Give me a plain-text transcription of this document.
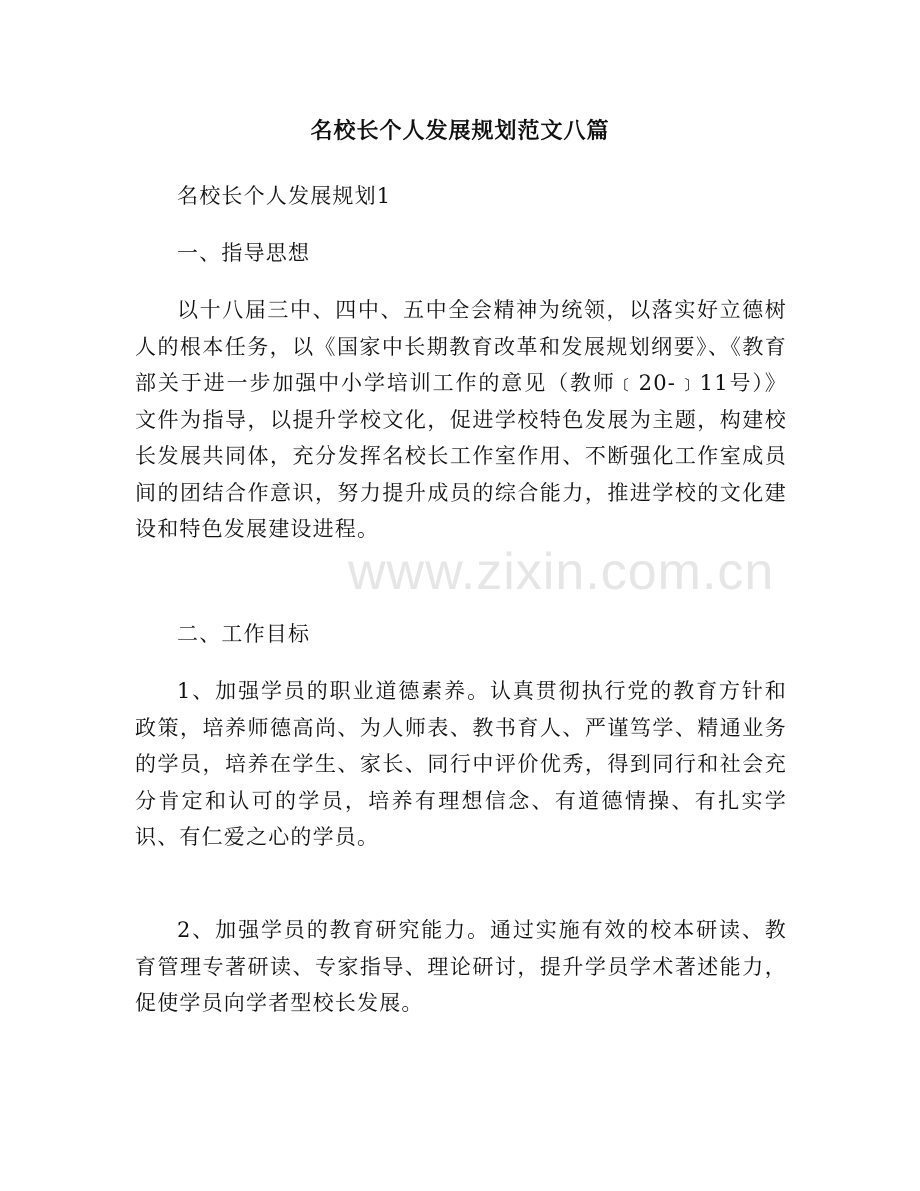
名校长个人发展规划范文八篇

名校长个人发展规划1

一、指导思想

以十八届三中、四中、五中全会精神为统领，以落实好立德树人的根本任务，以《国家中长期教育改革和发展规划纲要》、《教育部关于进一步加强中小学培训工作的意见（教师﹝20-﹞11号）》文件为指导，以提升学校文化，促进学校特色发展为主题，构建校长发展共同体，充分发挥名校长工作室作用、不断强化工作室成员间的团结合作意识，努力提升成员的综合能力，推进学校的文化建设和特色发展建设进程。

二、工作目标

1、加强学员的职业道德素养。认真贯彻执行党的教育方针和政策，培养师德高尚、为人师表、教书育人、严谨笃学、精通业务的学员，培养在学生、家长、同行中评价优秀，得到同行和社会充分肯定和认可的学员，培养有理想信念、有道德情操、有扎实学识、有仁爱之心的学员。

2、加强学员的教育研究能力。通过实施有效的校本研读、教育管理专著研读、专家指导、理论研讨，提升学员学术著述能力，促使学员向学者型校长发展。

www.zixin.com.cn
